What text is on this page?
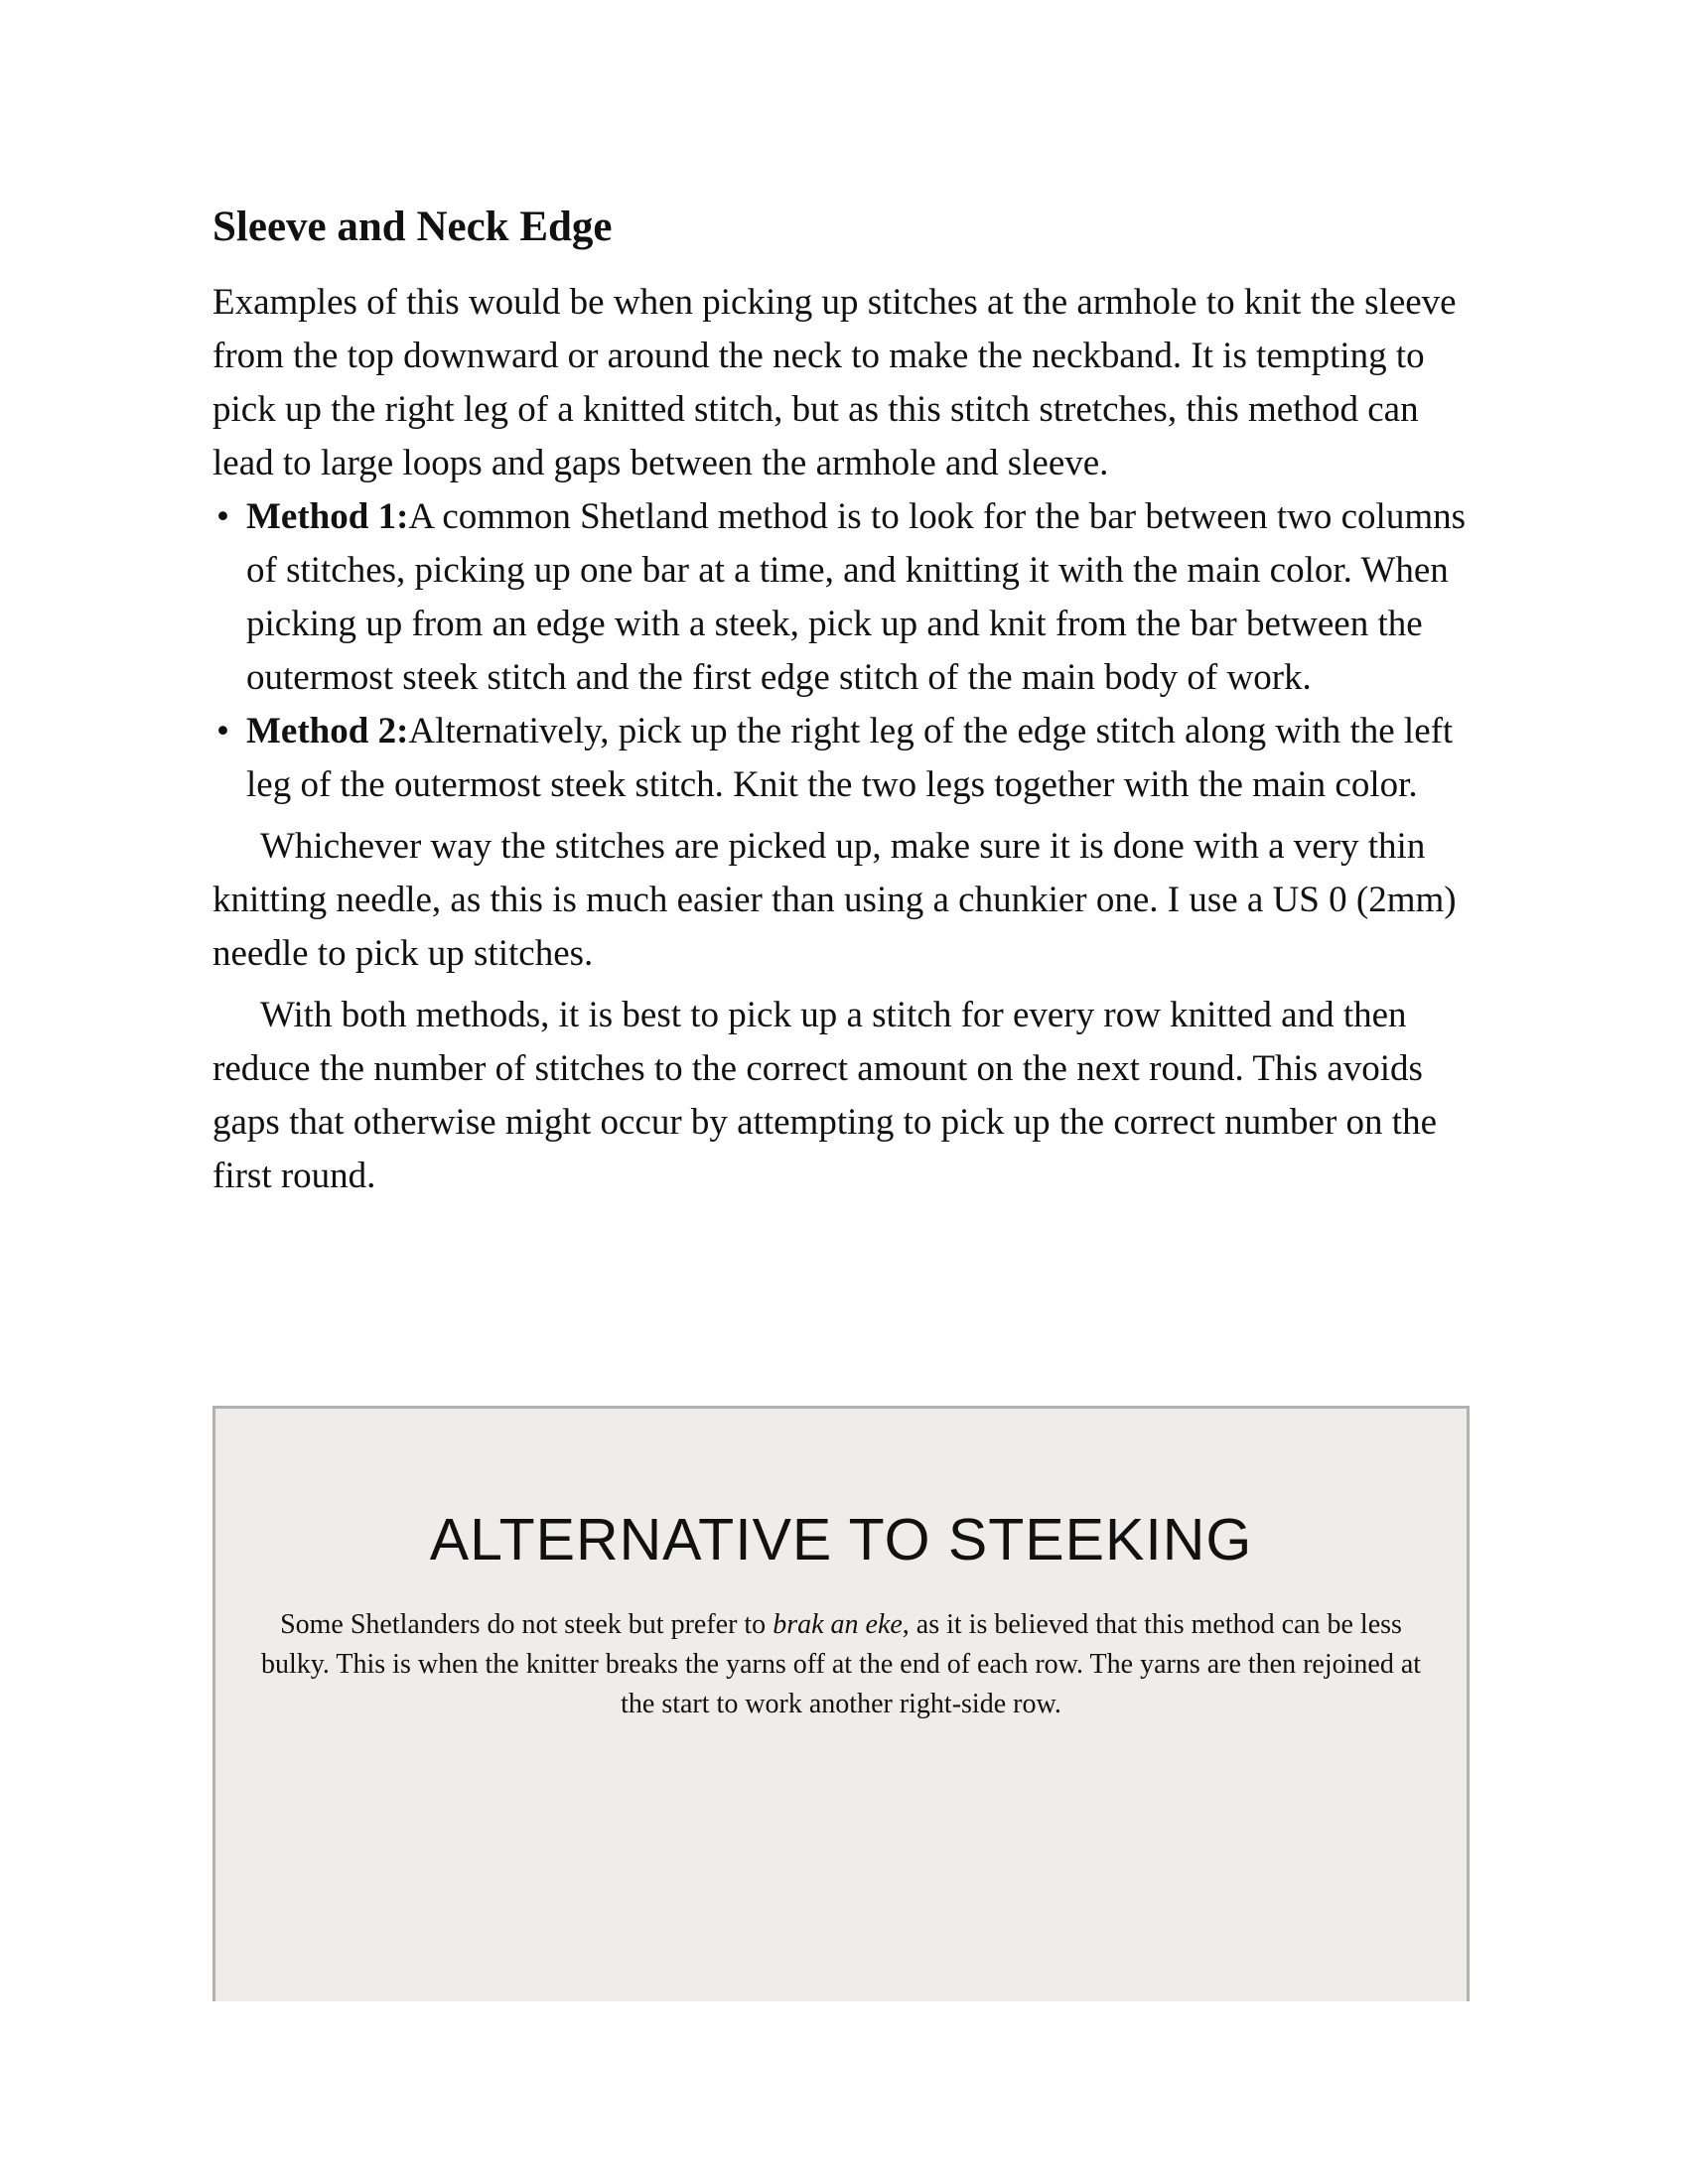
Sleeve and Neck Edge

Examples of this would be when picking up stitches at the armhole to knit the sleeve from the top downward or around the neck to make the neckband. It is tempting to pick up the right leg of a knitted stitch, but as this stitch stretches, this method can lead to large loops and gaps between the armhole and sleeve.

• Method 1:A common Shetland method is to look for the bar between two columns of stitches, picking up one bar at a time, and knitting it with the main color. When picking up from an edge with a steek, pick up and knit from the bar between the outermost steek stitch and the first edge stitch of the main body of work.
• Method 2:Alternatively, pick up the right leg of the edge stitch along with the left leg of the outermost steek stitch. Knit the two legs together with the main color.

Whichever way the stitches are picked up, make sure it is done with a very thin knitting needle, as this is much easier than using a chunkier one. I use a US 0 (2mm) needle to pick up stitches.

With both methods, it is best to pick up a stitch for every row knitted and then reduce the number of stitches to the correct amount on the next round. This avoids gaps that otherwise might occur by attempting to pick up the correct number on the first round.

ALTERNATIVE TO STEEKING
Some Shetlanders do not steek but prefer to brak an eke, as it is believed that this method can be less bulky. This is when the knitter breaks the yarns off at the end of each row. The yarns are then rejoined at the start to work another right-side row.
